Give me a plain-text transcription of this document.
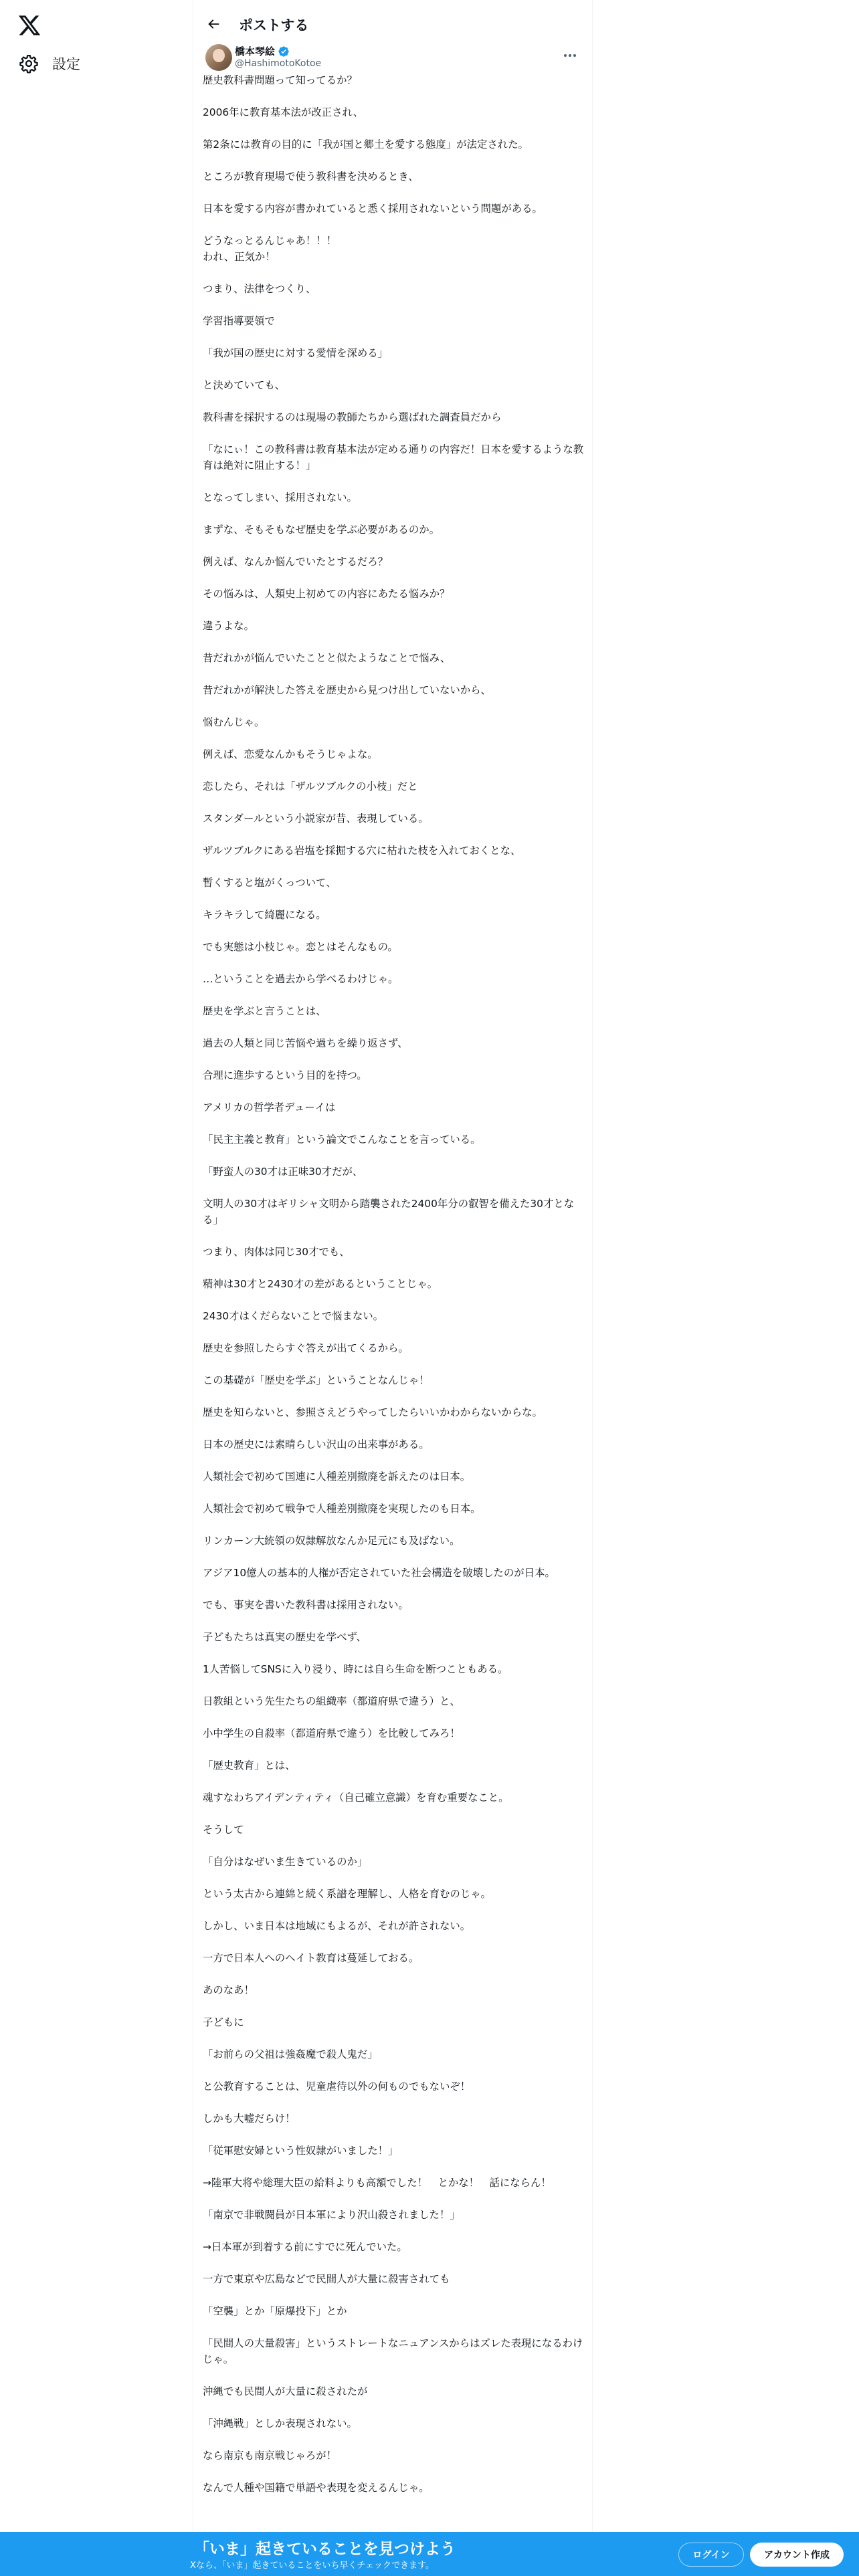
設定
ポストする
橋本琴絵
@HashimotoKotoe

歴史教科書問題って知ってるか？

2006年に教育基本法が改正され、

第2条には教育の目的に「我が国と郷土を愛する態度」が法定された。

ところが教育現場で使う教科書を決めるとき、

日本を愛する内容が書かれていると悉く採用されないという問題がある。

どうなっとるんじゃあ！！！
われ、正気か！

つまり、法律をつくり、

学習指導要領で

「我が国の歴史に対する愛情を深める」

と決めていても、

教科書を採択するのは現場の教師たちから選ばれた調査員だから

「なにぃ！この教科書は教育基本法が定める通りの内容だ！日本を愛するような教育は絶対に阻止する！」

となってしまい、採用されない。

まずな、そもそもなぜ歴史を学ぶ必要があるのか。

例えば、なんか悩んでいたとするだろ？

その悩みは、人類史上初めての内容にあたる悩みか？

違うよな。

昔だれかが悩んでいたことと似たようなことで悩み、

昔だれかが解決した答えを歴史から見つけ出していないから、

悩むんじゃ。

例えば、恋愛なんかもそうじゃよな。

恋したら、それは「ザルツブルクの小枝」だと

スタンダールという小説家が昔、表現している。

ザルツブルクにある岩塩を採掘する穴に枯れた枝を入れておくとな、

暫くすると塩がくっついて、

キラキラして綺麗になる。

でも実態は小枝じゃ。恋とはそんなもの。

…ということを過去から学べるわけじゃ。

歴史を学ぶと言うことは、

過去の人類と同じ苦悩や過ちを繰り返さず、

合理に進歩するという目的を持つ。

アメリカの哲学者デューイは

「民主主義と教育」という論文でこんなことを言っている。

「野蛮人の30才は正味30才だが、

文明人の30才はギリシャ文明から踏襲された2400年分の叡智を備えた30才となる」

つまり、肉体は同じ30才でも、

精神は30才と2430才の差があるということじゃ。

2430才はくだらないことで悩まない。

歴史を参照したらすぐ答えが出てくるから。

この基礎が「歴史を学ぶ」ということなんじゃ！

歴史を知らないと、参照さえどうやってしたらいいかわからないからな。

日本の歴史には素晴らしい沢山の出来事がある。

人類社会で初めて国連に人種差別撤廃を訴えたのは日本。

人類社会で初めて戦争で人種差別撤廃を実現したのも日本。

リンカーン大統領の奴隷解放なんか足元にも及ばない。

アジア10億人の基本的人権が否定されていた社会構造を破壊したのが日本。

でも、事実を書いた教科書は採用されない。

子どもたちは真実の歴史を学べず、

1人苦悩してSNSに入り浸り、時には自ら生命を断つこともある。

日教組という先生たちの組織率（都道府県で違う）と、

小中学生の自殺率（都道府県で違う）を比較してみろ！

「歴史教育」とは、

魂すなわちアイデンティティ（自己確立意識）を育む重要なこと。

そうして

「自分はなぜいま生きているのか」

という太古から連綿と続く系譜を理解し、人格を育むのじゃ。

しかし、いま日本は地域にもよるが、それが許されない。

一方で日本人へのヘイト教育は蔓延しておる。

あのなあ！

子どもに

「お前らの父祖は強姦魔で殺人鬼だ」

と公教育することは、児童虐待以外の何ものでもないぞ！

しかも大嘘だらけ！

「従軍慰安婦という性奴隷がいました！」

→陸軍大将や総理大臣の給料よりも高額でした！　とかな！　話にならん！

「南京で非戦闘員が日本軍により沢山殺されました！」

→日本軍が到着する前にすでに死んでいた。

一方で東京や広島などで民間人が大量に殺害されても

「空襲」とか「原爆投下」とか

「民間人の大量殺害」というストレートなニュアンスからはズレた表現になるわけじゃ。

沖縄でも民間人が大量に殺されたが

「沖縄戦」としか表現されない。

なら南京も南京戦じゃろが！

なんで人種や国籍で単語や表現を変えるんじゃ。

「いま」起きていることを見つけよう
Xなら、「いま」起きていることをいち早くチェックできます。
ログイン	アカウント作成
